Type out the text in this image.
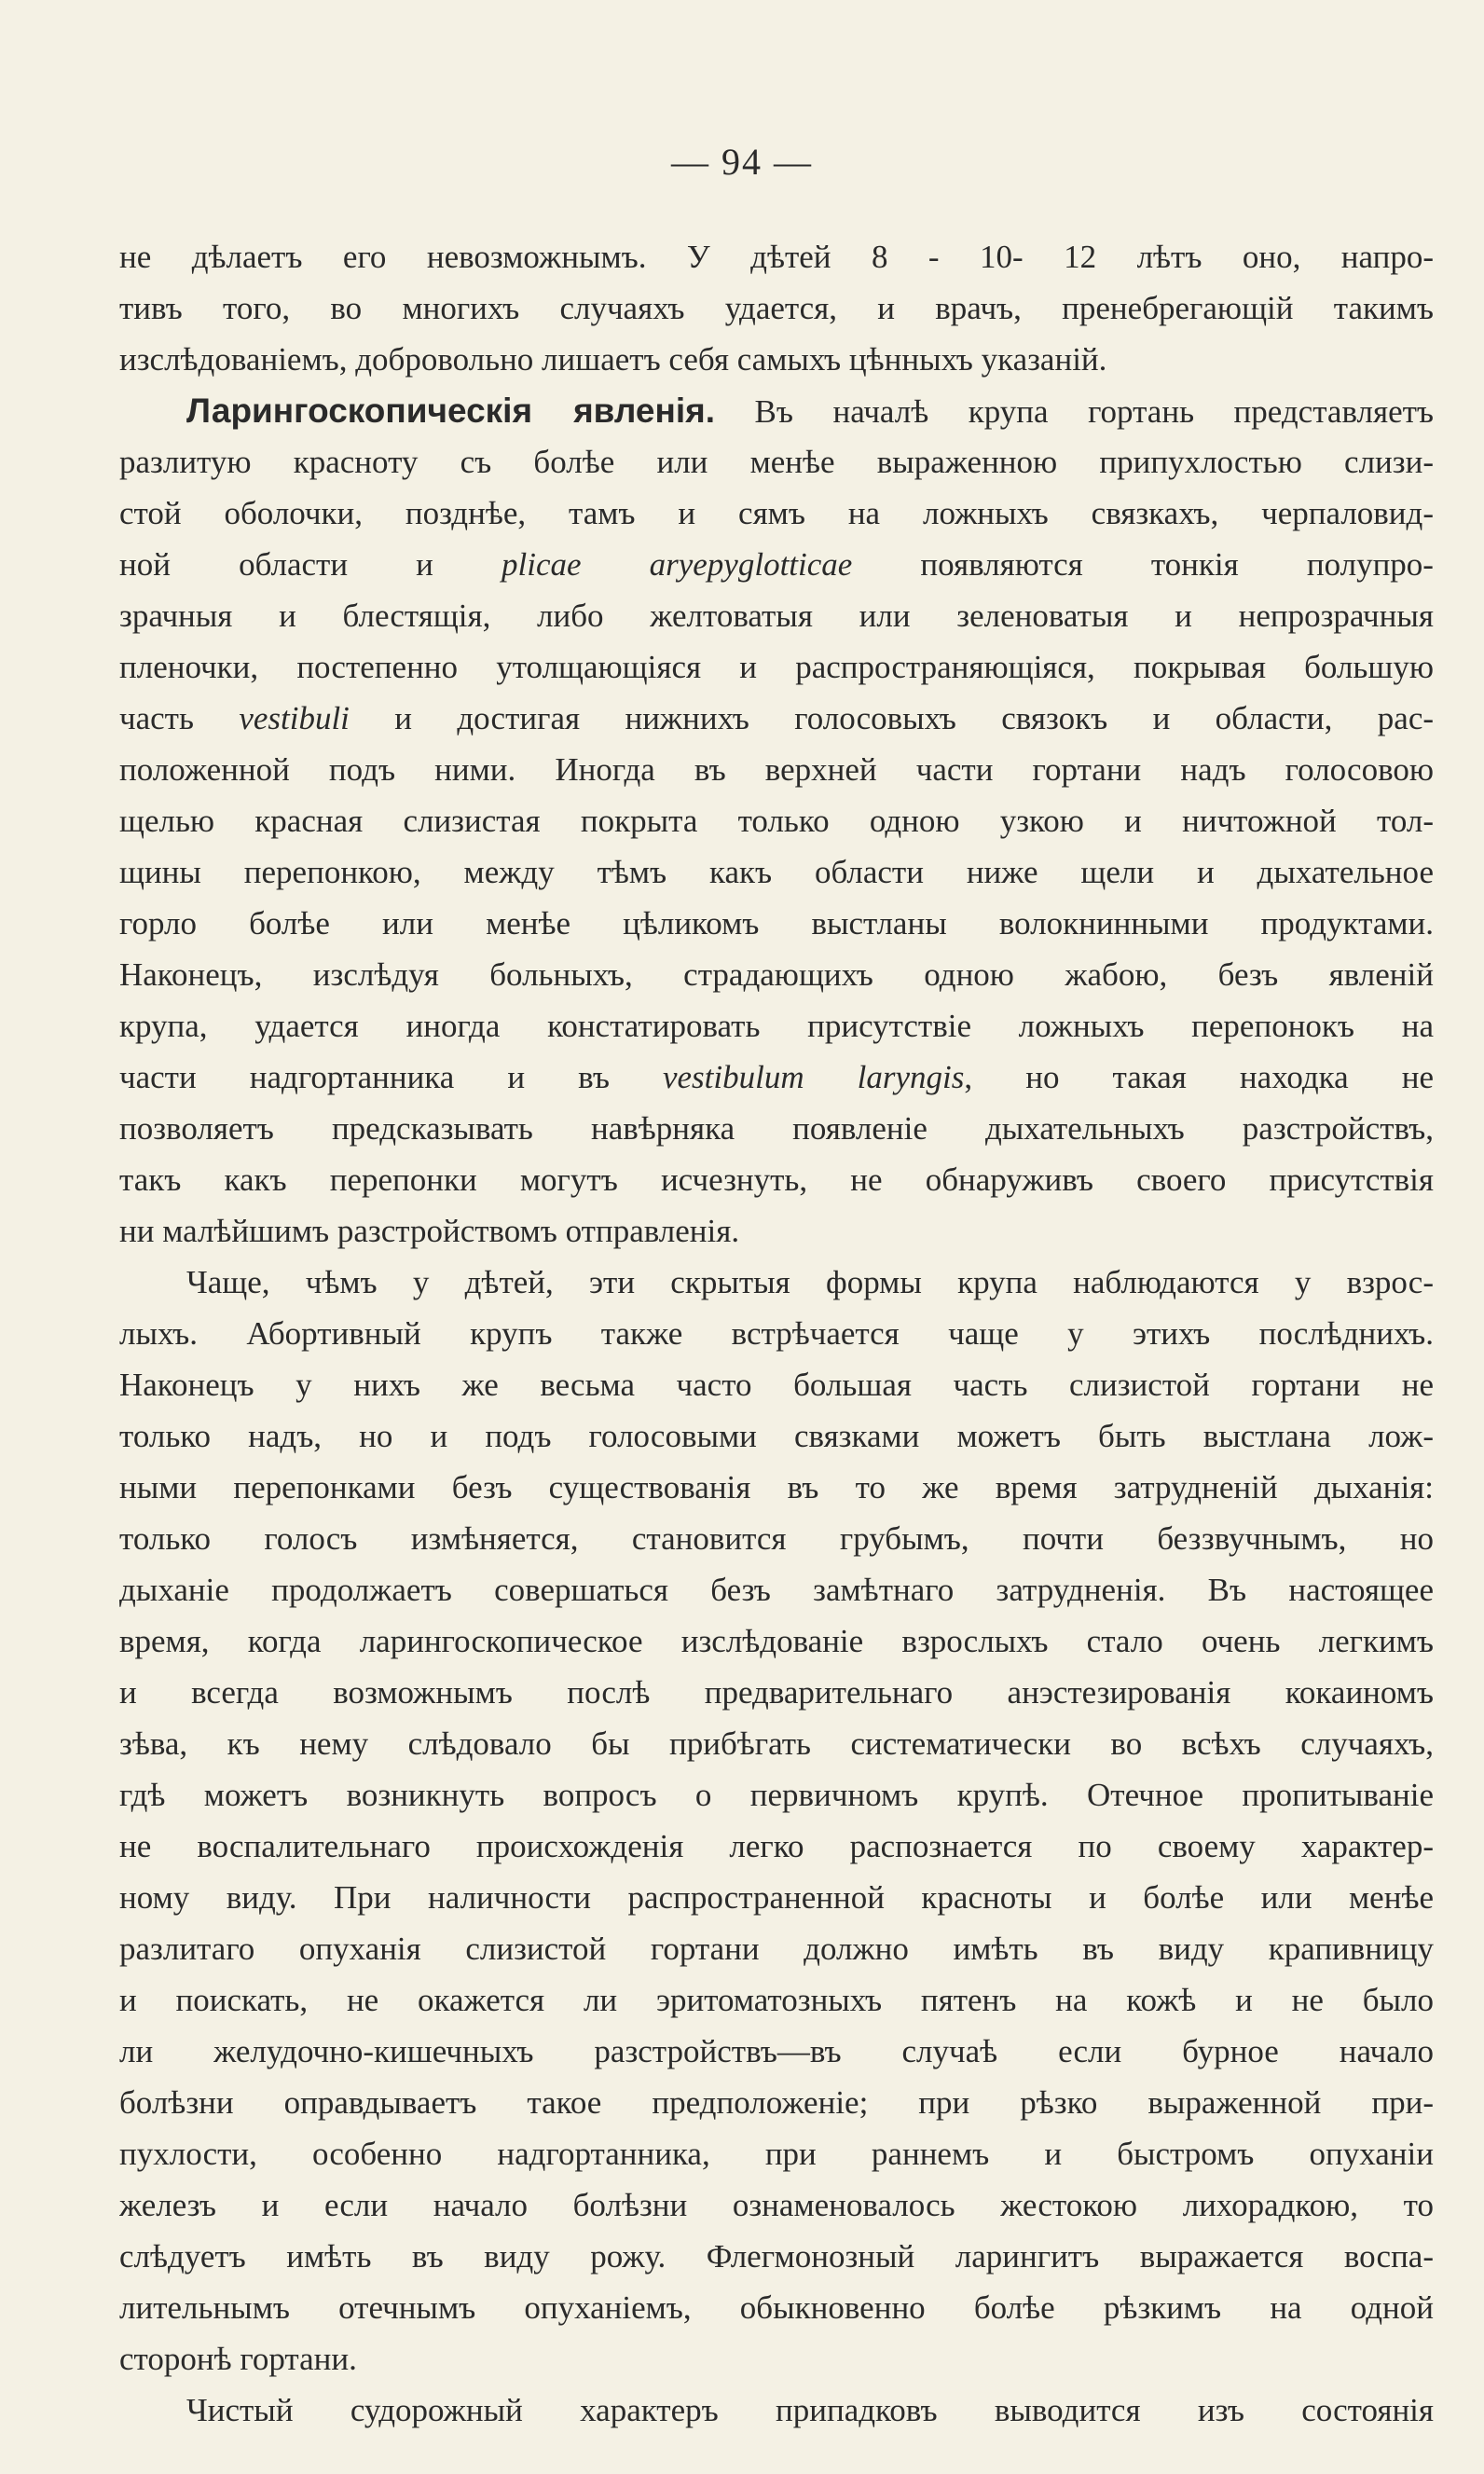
— 94 —
не дѣлаетъ его невозможнымъ. У дѣтей 8 - 10- 12 лѣтъ оно, напро-
тивъ того, во многихъ случаяхъ удается, и врачъ, пренебрегающій такимъ
изслѣдованіемъ, добровольно лишаетъ себя самыхъ цѣнныхъ указаній.
Ларингоскопическія явленія. Въ началѣ крупа гортань представляетъ
разлитую красноту съ болѣе или менѣе выраженною припухлостью слизи-
стой оболочки, позднѣе, тамъ и сямъ на ложныхъ связкахъ, черпаловид-
ной области и plicae aryepyglotticae появляются тонкія полупро-
зрачныя и блестящія, либо желтоватыя или зеленоватыя и непрозрачныя
пленочки, постепенно утолщающіяся и распространяющіяся, покрывая большую
часть vestibuli и достигая нижнихъ голосовыхъ связокъ и области, рас-
положенной подъ ними. Иногда въ верхней части гортани надъ голосовою
щелью красная слизистая покрыта только одною узкою и ничтожной тол-
щины перепонкою, между тѣмъ какъ области ниже щели и дыхательное
горло болѣе или менѣе цѣликомъ выстланы волокнинными продуктами.
Наконецъ, изслѣдуя больныхъ, страдающихъ одною жабою, безъ явленій
крупа, удается иногда констатировать присутствіе ложныхъ перепонокъ на
части надгортанника и въ vestibulum laryngis, но такая находка не
позволяетъ предсказывать навѣрняка появленіе дыхательныхъ разстройствъ,
такъ какъ перепонки могутъ исчезнуть, не обнаруживъ своего присутствія
ни малѣйшимъ разстройствомъ отправленія.
Чаще, чѣмъ у дѣтей, эти скрытыя формы крупа наблюдаются у взрос-
лыхъ. Абортивный крупъ также встрѣчается чаще у этихъ послѣднихъ.
Наконецъ у нихъ же весьма часто большая часть слизистой гортани не
только надъ, но и подъ голосовыми связками можетъ быть выстлана лож-
ными перепонками безъ существованія въ то же время затрудненій дыханія:
только голосъ измѣняется, становится грубымъ, почти беззвучнымъ, но
дыханіе продолжаетъ совершаться безъ замѣтнаго затрудненія. Въ настоящее
время, когда ларингоскопическое изслѣдованіе взрослыхъ стало очень легкимъ
и всегда возможнымъ послѣ предварительнаго анэстезированія кокаиномъ
зѣва, къ нему слѣдовало бы прибѣгать систематически во всѣхъ случаяхъ,
гдѣ можетъ возникнуть вопросъ о первичномъ крупѣ. Отечное пропитываніе
не воспалительнаго происхожденія легко распознается по своему характер-
ному виду. При наличности распространенной красноты и болѣе или менѣе
разлитаго опуханія слизистой гортани должно имѣть въ виду крапивницу
и поискать, не окажется ли эритоматозныхъ пятенъ на кожѣ и не было
ли желудочно-кишечныхъ разстройствъ—въ случаѣ если бурное начало
болѣзни оправдываетъ такое предположеніе; при рѣзко выраженной при-
пухлости, особенно надгортанника, при раннемъ и быстромъ опуханіи
железъ и если начало болѣзни ознаменовалось жестокою лихорадкою, то
слѣдуетъ имѣть въ виду рожу. Флегмонозный ларингитъ выражается воспа-
лительнымъ отечнымъ опуханіемъ, обыкновенно болѣе рѣзкимъ на одной
сторонѣ гортани.
Чистый судорожный характеръ припадковъ выводится изъ состоянія
